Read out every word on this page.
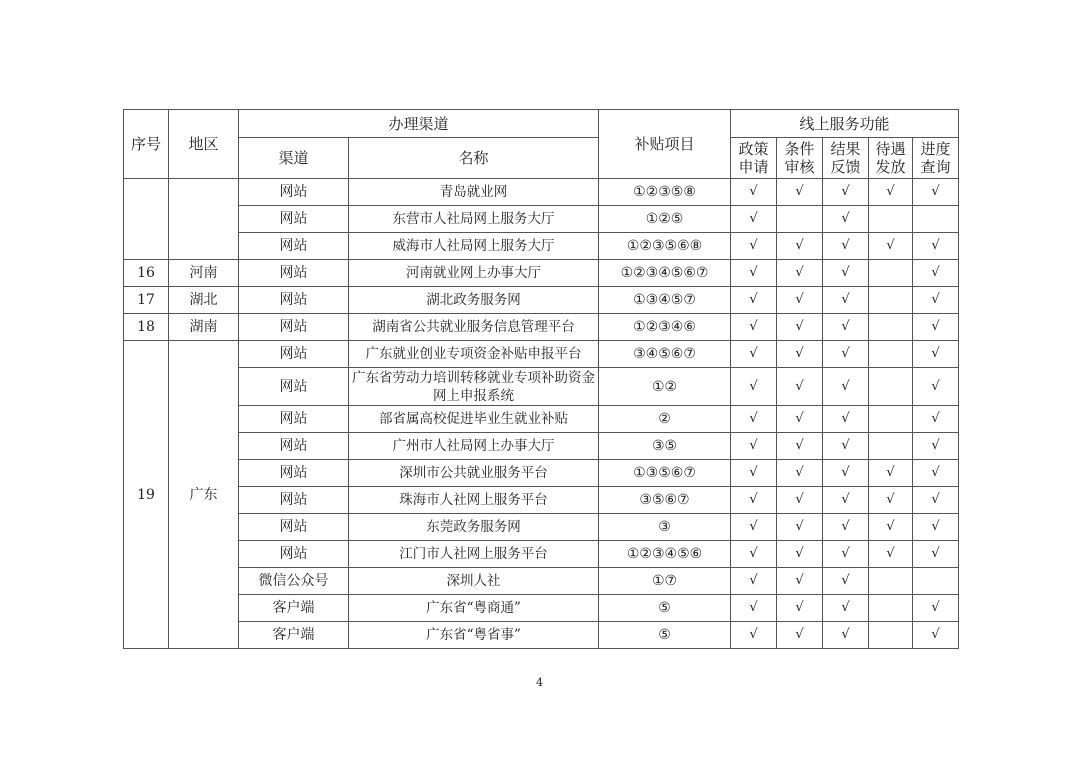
序号	地区	办理渠道		补贴项目	线上服务功能				
		渠道	名称		政策申请	条件审核	结果反馈	待遇发放	进度查询
		网站	青岛就业网	①②③⑤⑧	√	√	√	√	√
		网站	东营市人社局网上服务大厅	①②⑤	√		√		
		网站	威海市人社局网上服务大厅	①②③⑤⑥⑧	√	√	√	√	√
16	河南	网站	河南就业网上办事大厅	①②③④⑤⑥⑦	√	√	√		√
17	湖北	网站	湖北政务服务网	①③④⑤⑦	√	√	√		√
18	湖南	网站	湖南省公共就业服务信息管理平台	①②③④⑥	√	√	√		√
19	广东	网站	广东就业创业专项资金补贴申报平台	③④⑤⑥⑦	√	√	√		√
		网站	广东省劳动力培训转移就业专项补助资金网上申报系统	①②	√	√	√		√
		网站	部省属高校促进毕业生就业补贴	②	√	√	√		√
		网站	广州市人社局网上办事大厅	③⑤	√	√	√		√
		网站	深圳市公共就业服务平台	①③⑤⑥⑦	√	√	√	√	√
		网站	珠海市人社网上服务平台	③⑤⑥⑦	√	√	√	√	√
		网站	东莞政务服务网	③	√	√	√	√	√
		网站	江门市人社网上服务平台	①②③④⑤⑥	√	√	√	√	√
		微信公众号	深圳人社	①⑦	√	√	√		
		客户端	广东省“粤商通”	⑤	√	√	√		√
		客户端	广东省“粤省事”	⑤	√	√	√		√
4
